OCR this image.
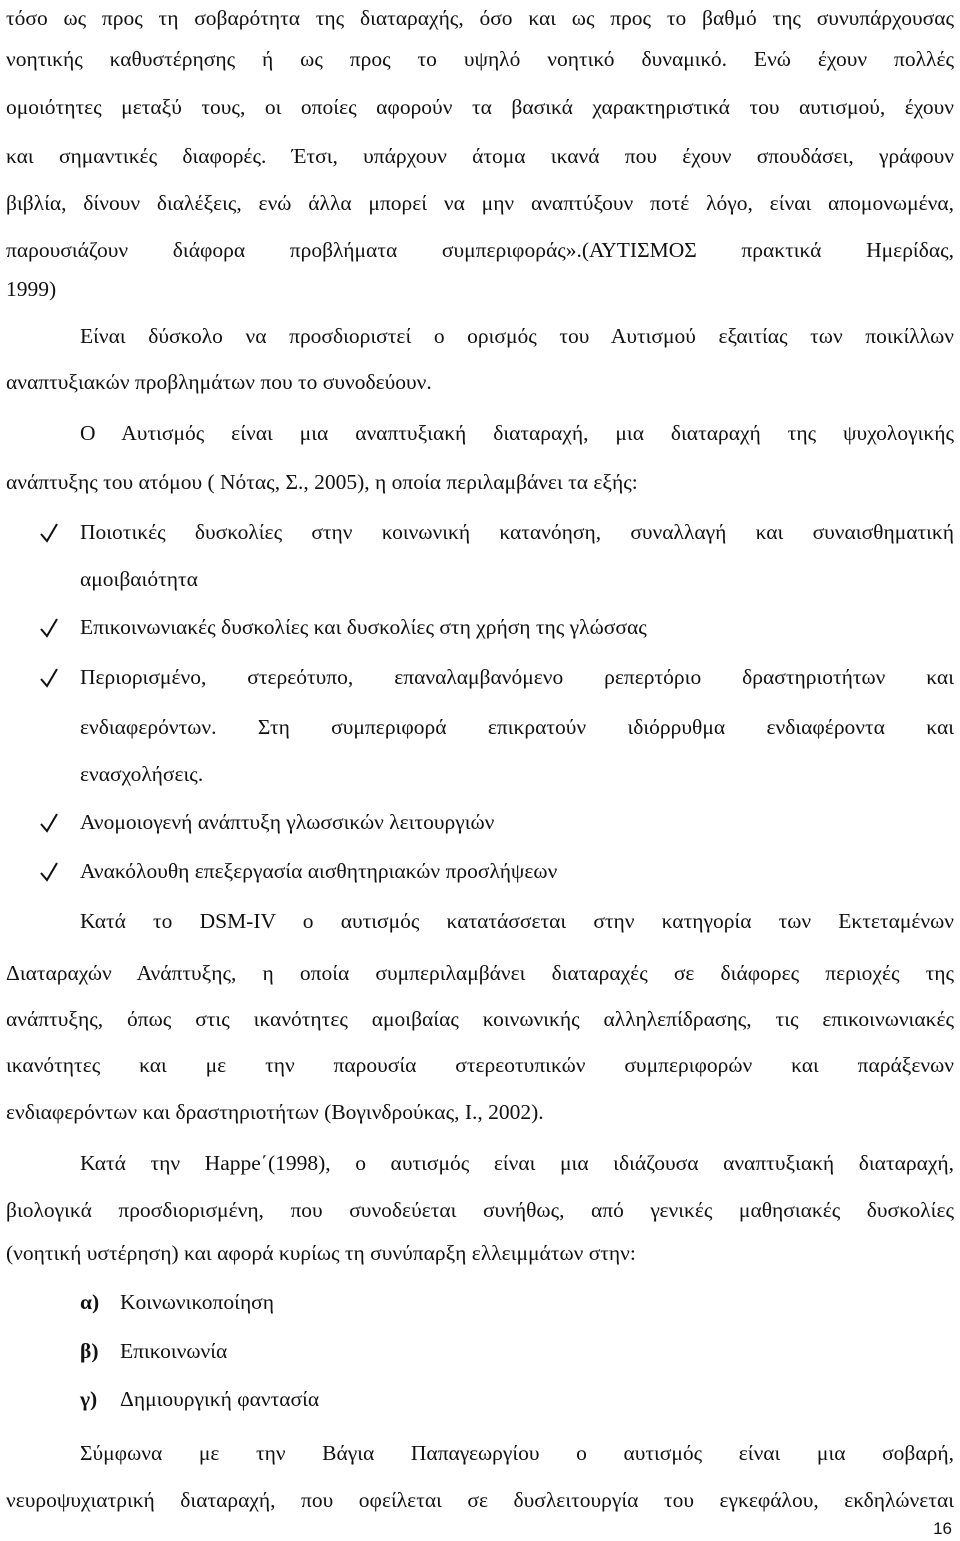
τόσο ως προς τη σοβαρότητα της διαταραχής, όσο και ως προς το βαθμό της συνυπάρχουσας
νοητικής καθυστέρησης ή ως προς το υψηλό νοητικό δυναμικό. Ενώ έχουν πολλές
ομοιότητες μεταξύ τους, οι οποίες αφορούν τα βασικά χαρακτηριστικά του αυτισμού, έχουν
και σημαντικές διαφορές. Έτσι, υπάρχουν άτομα ικανά που έχουν σπουδάσει, γράφουν
βιβλία, δίνουν διαλέξεις, ενώ άλλα μπορεί να μην αναπτύξουν ποτέ λόγο, είναι απομονωμένα,
παρουσιάζουν διάφορα προβλήματα συμπεριφοράς».(ΑΥΤΙΣΜΟΣ πρακτικά Ημερίδας,
1999)
Είναι δύσκολο να προσδιοριστεί ο ορισμός του Αυτισμού εξαιτίας των ποικίλλων
αναπτυξιακών προβλημάτων που το συνοδεύουν.
Ο Αυτισμός είναι μια αναπτυξιακή διαταραχή, μια διαταραχή της ψυχολογικής
ανάπτυξης του ατόμου ( Νότας, Σ., 2005), η οποία περιλαμβάνει τα εξής:
Ποιοτικές δυσκολίες στην κοινωνική κατανόηση, συναλλαγή και συναισθηματική
αμοιβαιότητα
Επικοινωνιακές δυσκολίες και δυσκολίες στη χρήση της γλώσσας
Περιορισμένο, στερεότυπο, επαναλαμβανόμενο ρεπερτόριο δραστηριοτήτων και
ενδιαφερόντων. Στη συμπεριφορά επικρατούν ιδιόρρυθμα ενδιαφέροντα και
ενασχολήσεις.
Ανομοιογενή ανάπτυξη γλωσσικών λειτουργιών
Ανακόλουθη επεξεργασία αισθητηριακών προσλήψεων
Κατά το DSM-IV ο αυτισμός κατατάσσεται στην κατηγορία των Εκτεταμένων
Διαταραχών Ανάπτυξης, η οποία συμπεριλαμβάνει διαταραχές σε διάφορες περιοχές της
ανάπτυξης, όπως στις ικανότητες αμοιβαίας κοινωνικής αλληλεπίδρασης, τις επικοινωνιακές
ικανότητες και με την παρουσία στερεοτυπικών συμπεριφορών και παράξενων
ενδιαφερόντων και δραστηριοτήτων (Βογινδρούκας, Ι., 2002).
Κατά την Happe΄(1998), ο αυτισμός είναι μια ιδιάζουσα αναπτυξιακή διαταραχή,
βιολογικά προσδιορισμένη, που συνοδεύεται συνήθως, από γενικές μαθησιακές δυσκολίες
(νοητική υστέρηση) και αφορά κυρίως τη συνύπαρξη ελλειμμάτων στην:
α) Κοινωνικοποίηση
β) Επικοινωνία
γ) Δημιουργική φαντασία
Σύμφωνα με την Βάγια Παπαγεωργίου ο αυτισμός είναι μια σοβαρή,
νευροψυχιατρική διαταραχή, που οφείλεται σε δυσλειτουργία του εγκεφάλου, εκδηλώνεται
16
